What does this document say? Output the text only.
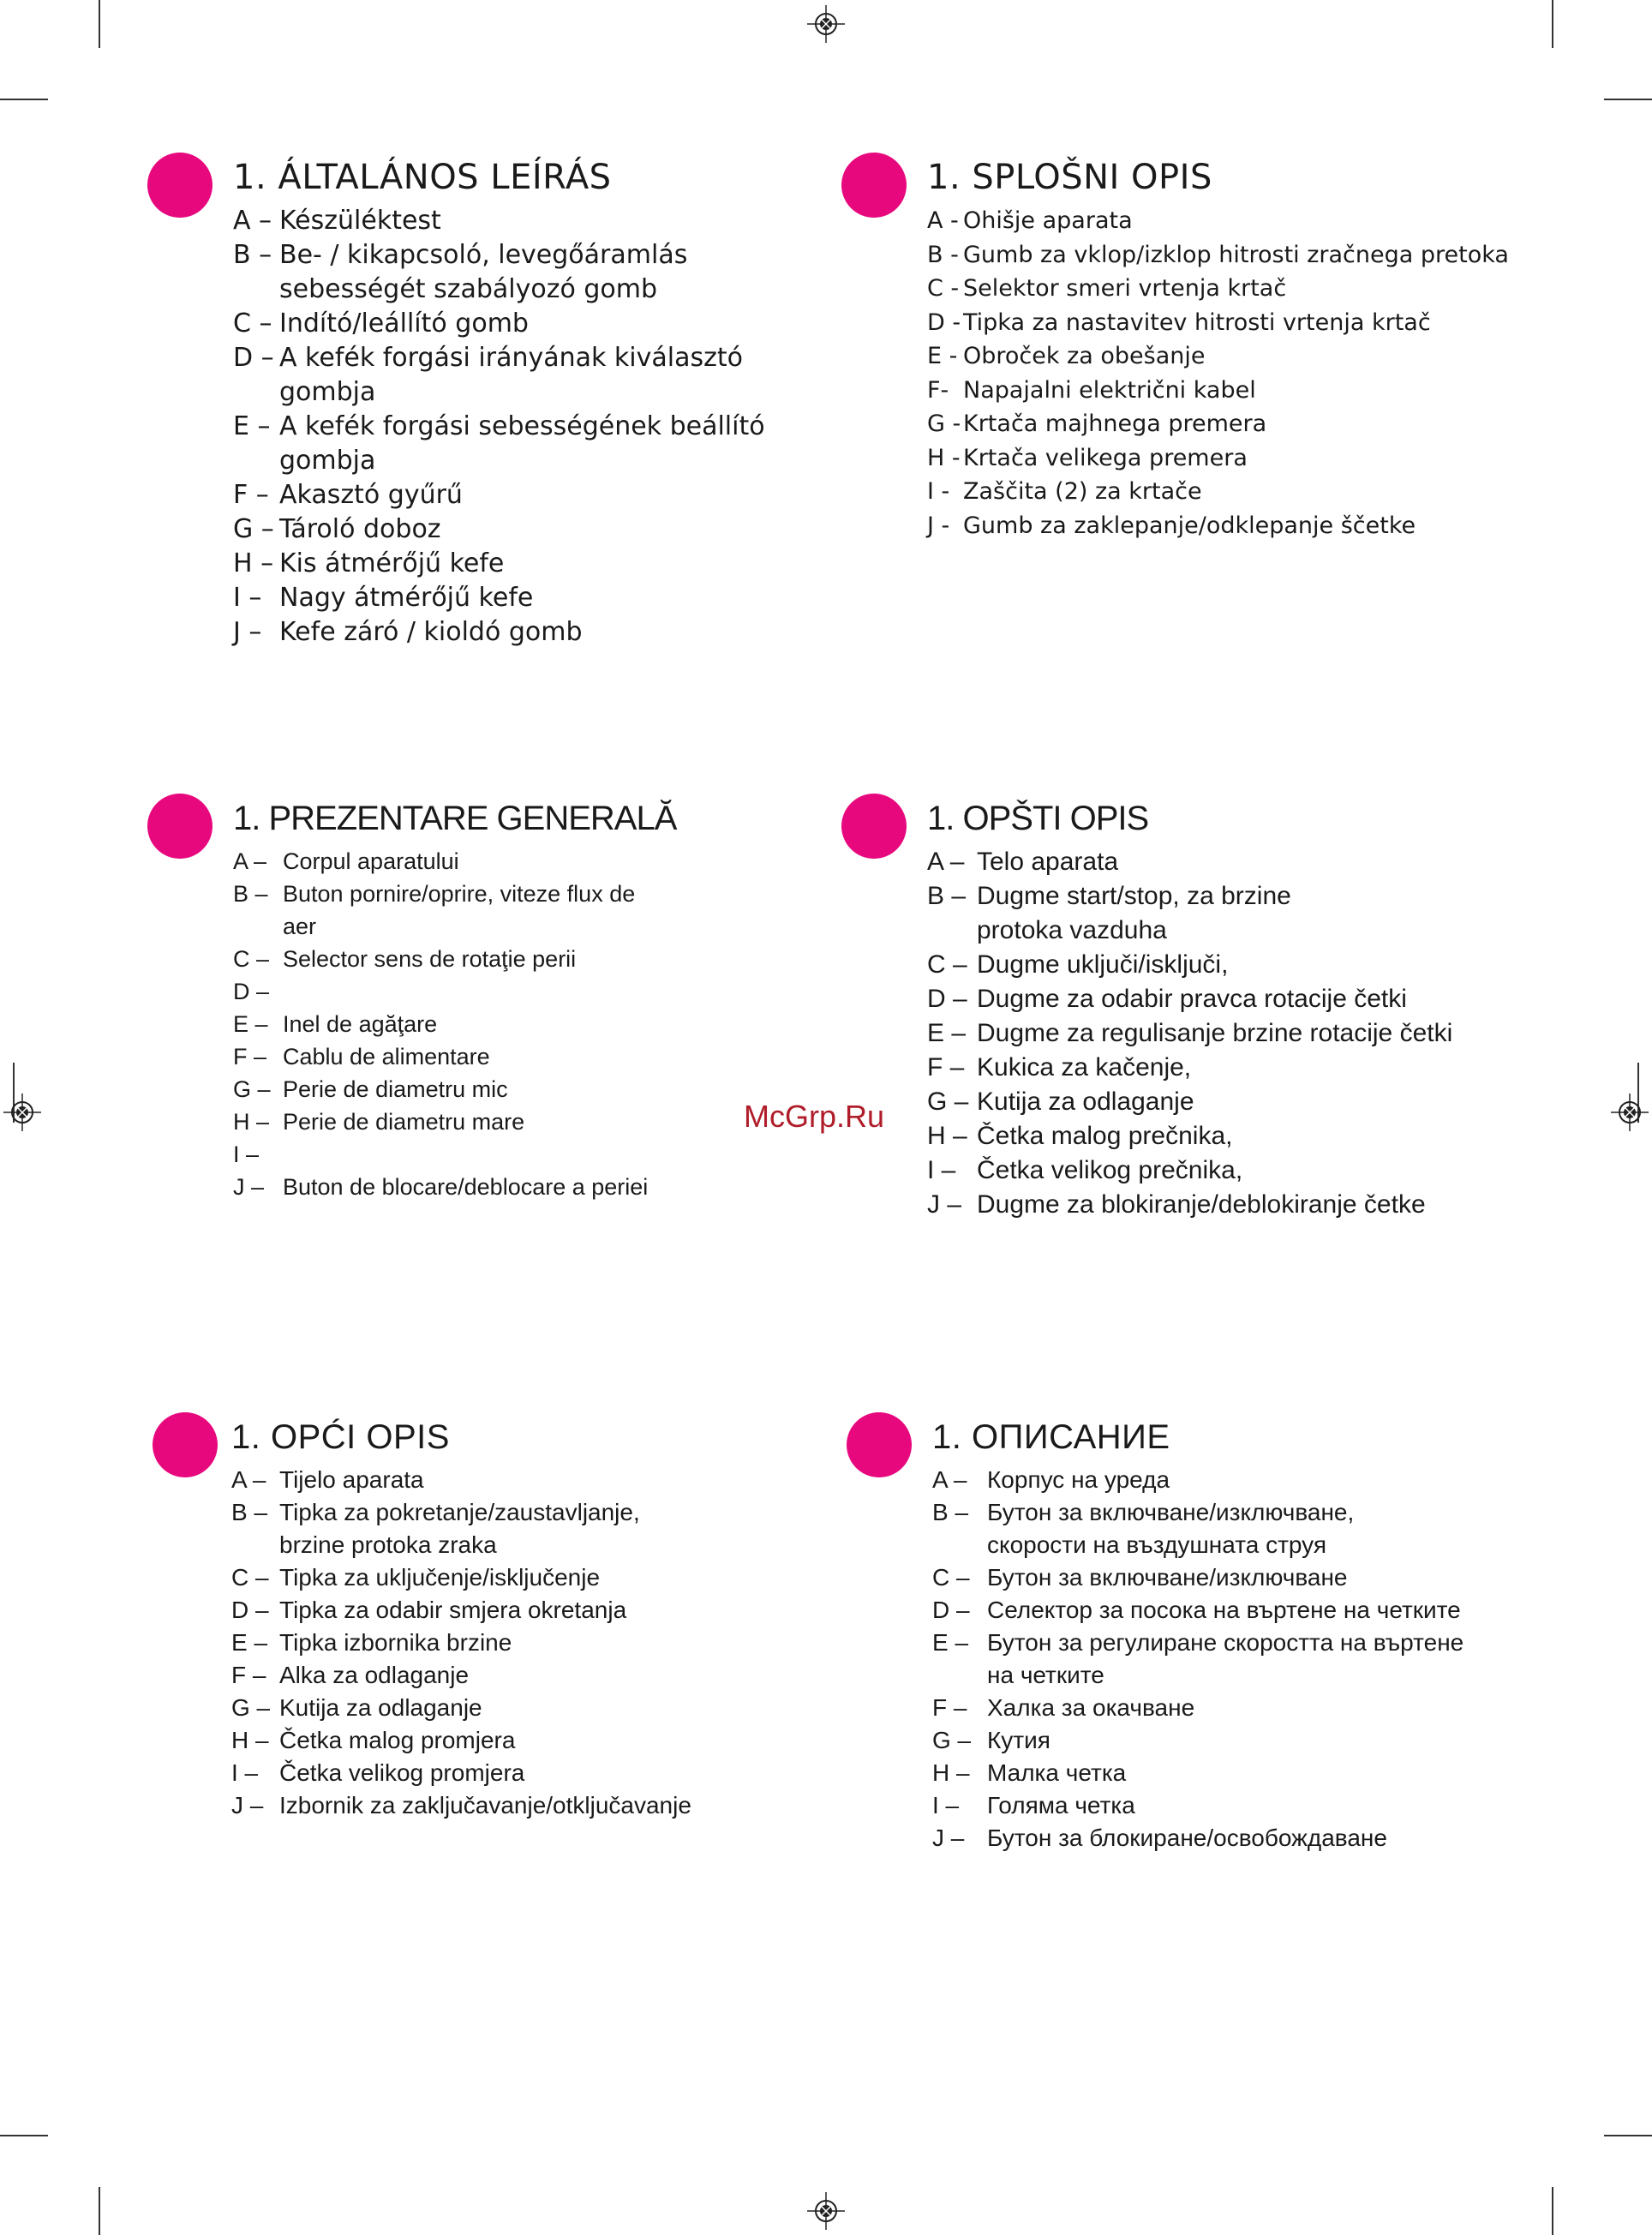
1. ÁLTALÁNOS LEÍRÁS
A – Készüléktest
B – Be- / kikapcsoló, levegőáramlás sebességét szabályozó gomb
C – Indító/leállító gomb
D – A kefék forgási irányának kiválasztó gombja
E – A kefék forgási sebességének beállító gombja
F – Akasztó gyűrű
G – Tároló doboz
H – Kis átmérőjű kefe
I – Nagy átmérőjű kefe
J – Kefe záró / kioldó gomb
1. SPLOŠNI OPIS
A - Ohišje aparata
B - Gumb za vklop/izklop hitrosti zračnega pretoka
C - Selektor smeri vrtenja krtač
D - Tipka za nastavitev hitrosti vrtenja krtač
E - Obroček za obešanje
F- Napajalni električni kabel
G - Krtača majhnega premera
H - Krtača velikega premera
I - Zaščita (2) za krtače
J - Gumb za zaklepanje/odklepanje ščetke
1. PREZENTARE GENERALĂ
A – Corpul aparatului
B – Buton pornire/oprire, viteze flux de aer
C – Selector sens de rotaţie perii
D –
E – Inel de agăţare
F – Cablu de alimentare
G – Perie de diametru mic
H – Perie de diametru mare
I –
J – Buton de blocare/deblocare a periei
1. OPŠTI OPIS
A – Telo aparata
B – Dugme start/stop, za brzine protoka vazduha
C – Dugme uključi/isključi,
D – Dugme za odabir pravca rotacije četki
E – Dugme za regulisanje brzine rotacije četki
F – Kukica za kačenje,
G – Kutija za odlaganje
H – Četka malog prečnika,
I – Četka velikog prečnika,
J – Dugme za blokiranje/deblokiranje četke
1. OPĆI OPIS
A – Tijelo aparata
B – Tipka za pokretanje/zaustavljanje, brzine protoka zraka
C – Tipka za uključenje/isključenje
D – Tipka za odabir smjera okretanja
E – Tipka izbornika brzine
F – Alka za odlaganje
G – Kutija za odlaganje
H – Četka malog promjera
I – Četka velikog promjera
J – Izbornik za zaključavanje/otključavanje
1. ОПИСАНИЕ
A – Корпус на уреда
B – Бутон за включване/изключване, скорости на въздушната струя
C – Бутон за включване/изключване
D – Селектор за посока на въртене на четките
E – Бутон за регулиране скоростта на въртене на четките
F – Халка за окачване
G – Кутия
H – Малка четка
I –	Голяма четка
J – Бутон за блокиране/освобождаване
McGrp.Ru
